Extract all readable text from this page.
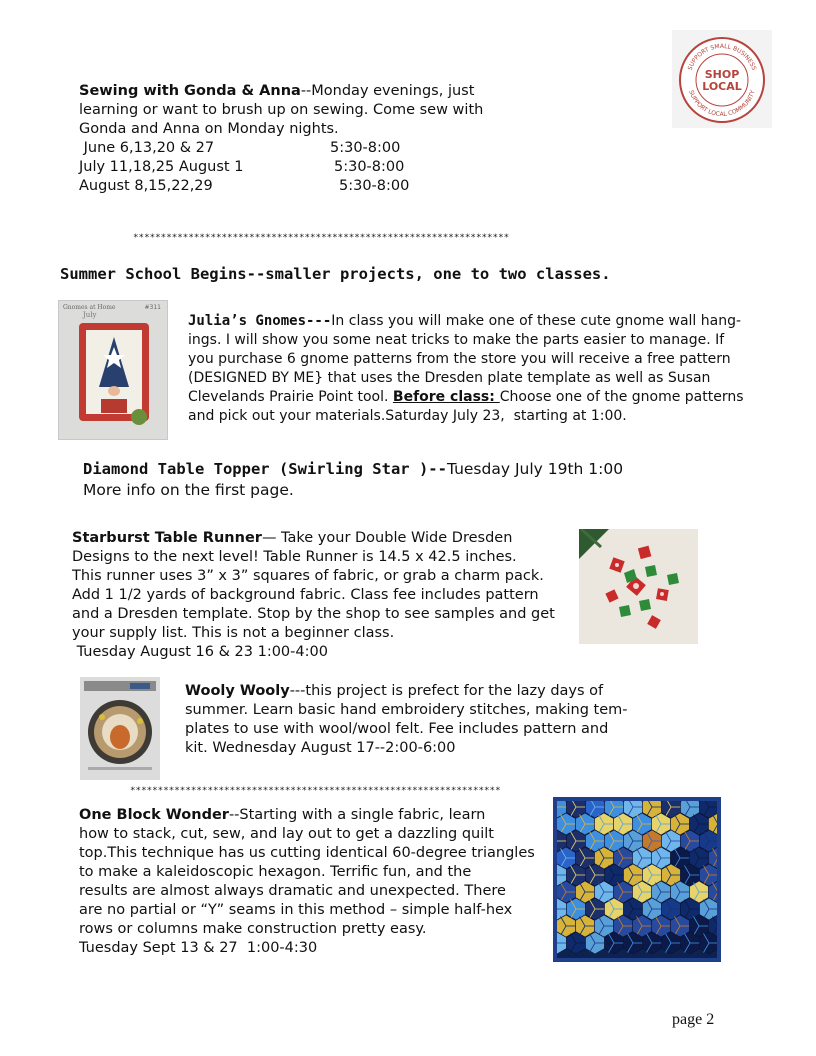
SUPPORT SMALL BUSINESS
SUPPORT LOCAL COMMUNITY
SHOP
LOCAL
Sewing with Gonda & Anna--Monday evenings, just
learning or want to brush up on sewing. Come sew with
Gonda and Anna on Monday nights.
June 6,13,20 & 27	5:30-8:00
July 11,18,25 August 1	5:30-8:00
August 8,15,22,29	5:30-8:00
********************************************************************
Summer School Begins--smaller projects, one to two classes.
Gnomes at Home	#311
July	Julia’s Gnomes---In class you will make one of these cute gnome wall hang-
ings. I will show you some neat tricks to make the parts easier to manage. If
you purchase 6 gnome patterns from the store you will receive a free pattern
(DESIGNED BY ME} that uses the Dresden plate template as well as Susan
Clevelands Prairie Point tool. Before class: Choose one of the gnome patterns
and pick out your materials.Saturday July 23,  starting at 1:00.
Diamond Table Topper (Swirling Star )--Tuesday July 19th 1:00
More info on the first page.
Starburst Table Runner— Take your Double Wide Dresden
Designs to the next level! Table Runner is 14.5 x 42.5 inches.
This runner uses 3” x 3” squares of fabric, or grab a charm pack.
Add 1 1/2 yards of background fabric. Class fee includes pattern
and a Dresden template. Stop by the shop to see samples and get
your supply list. This is not a beginner class.
Tuesday August 16 & 23 1:00-4:00
Wooly Wooly---this project is prefect for the lazy days of
summer. Learn basic hand embroidery stitches, making tem-
plates to use with wool/wool felt. Fee includes pattern and
kit. Wednesday August 17--2:00-6:00
*******************************************************************
One Block Wonder--Starting with a single fabric, learn
how to stack, cut, sew, and lay out to get a dazzling quilt
top.This technique has us cutting identical 60-degree triangles
to make a kaleidoscopic hexagon. Terrific fun, and the
results are almost always dramatic and unexpected. There
are no partial or “Y” seams in this method – simple half-hex
rows or columns make construction pretty easy.
Tuesday Sept 13 & 27  1:00-4:30
page 2
